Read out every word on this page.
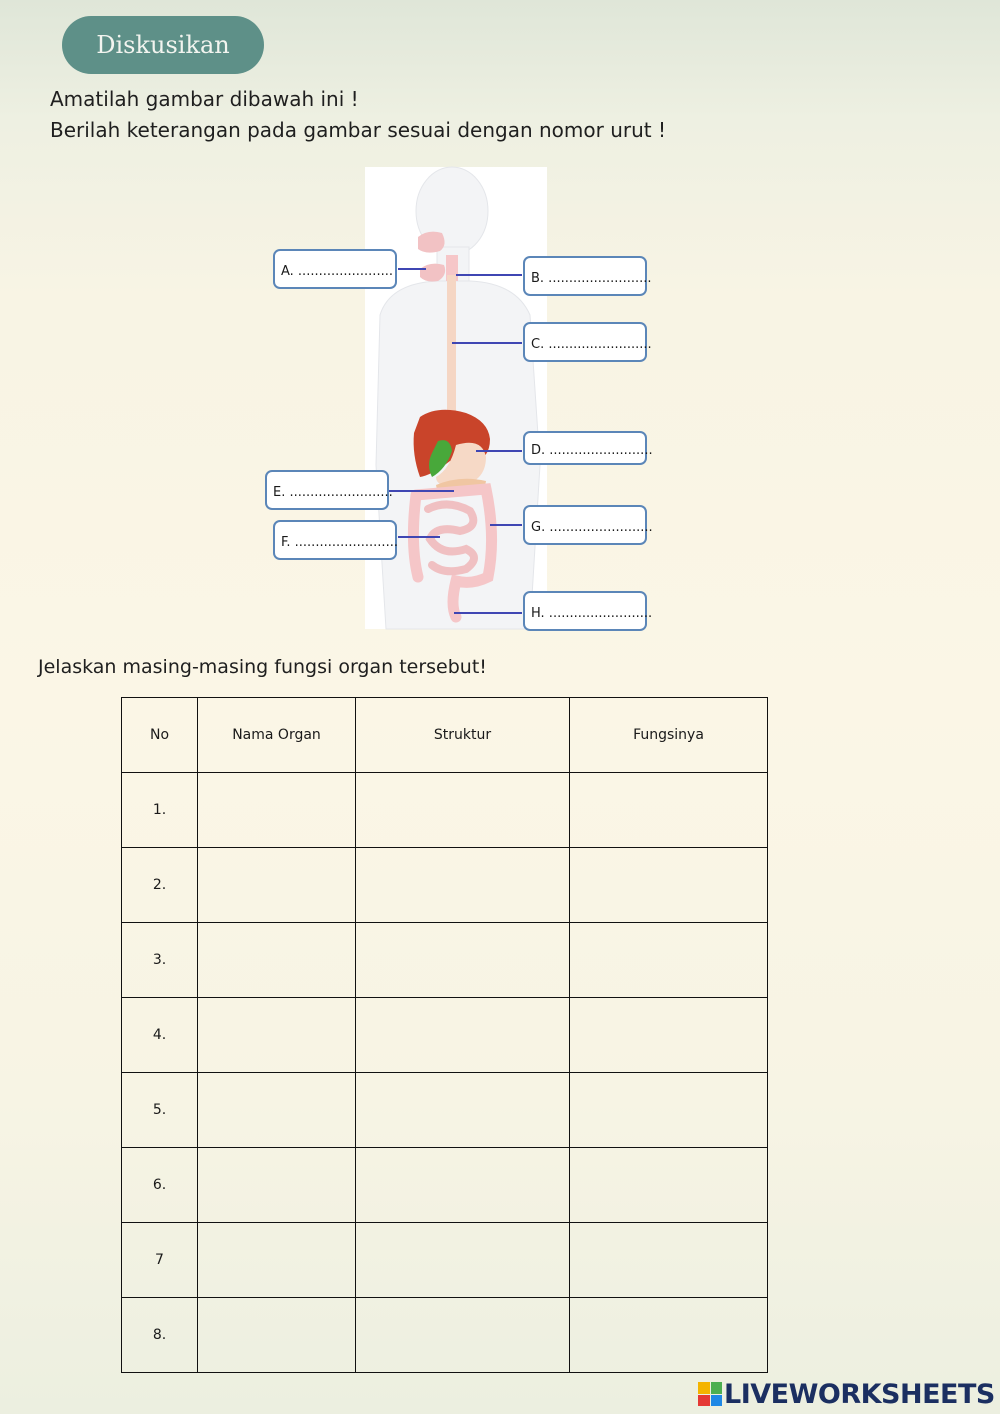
Diskusikan
Amatilah gambar dibawah ini !
Berilah keterangan pada gambar sesuai dengan nomor urut !
A. .......................	B. .........................
C. .........................
D. .........................
E. .........................
F. .........................
G. .........................
H. .........................
Jelaskan masing-masing fungsi organ tersebut!
No	Nama Organ	Struktur	Fungsinya
1.			
2.			
3.			
4.			
5.			
6.			
7			
8.			
LIVEWORKSHEETS
